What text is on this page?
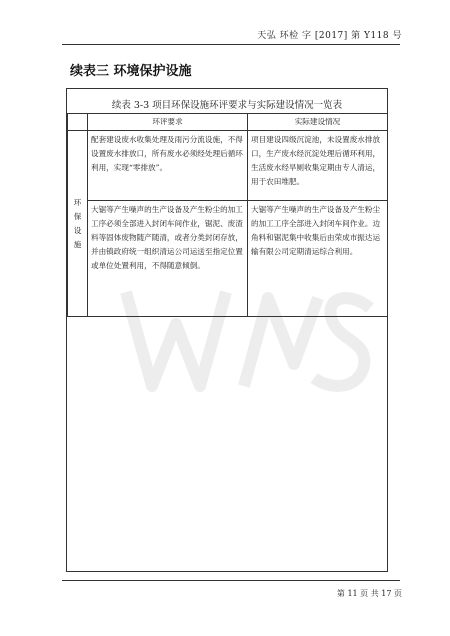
天弘 环检 字 [2017] 第 Y118 号
续表三 环境保护设施
续表 3-3 项目环保设施环评要求与实际建设情况一览表
	环评要求	实际建设情况
环
保
设
施	配套建设废水收集处理及雨污分流设施，不得设置废水排放口，所有废水必须经处理后循环利用，实现“零排放”。	项目建设四级沉淀池，未设置废水排放口，生产废水经沉淀处理后循环利用，生活废水经旱厕收集定期由专人清运，用于农田堆肥。

	大锯等产生噪声的生产设备及产生粉尘的加工工序必须全部进入封闭车间作业，锯泥、废渣料等固体废物随产随清，或者分类封闭存放，并由镇政府统一组织清运公司运送至指定位置或单位处置利用，不得随意倾倒。	大锯等产生噪声的生产设备及产生粉尘的加工工序全部进入封闭车间作业。边角料和锯泥集中收集后由荣成市振达运输有限公司定期清运综合利用。
第 11 页 共 17 页
